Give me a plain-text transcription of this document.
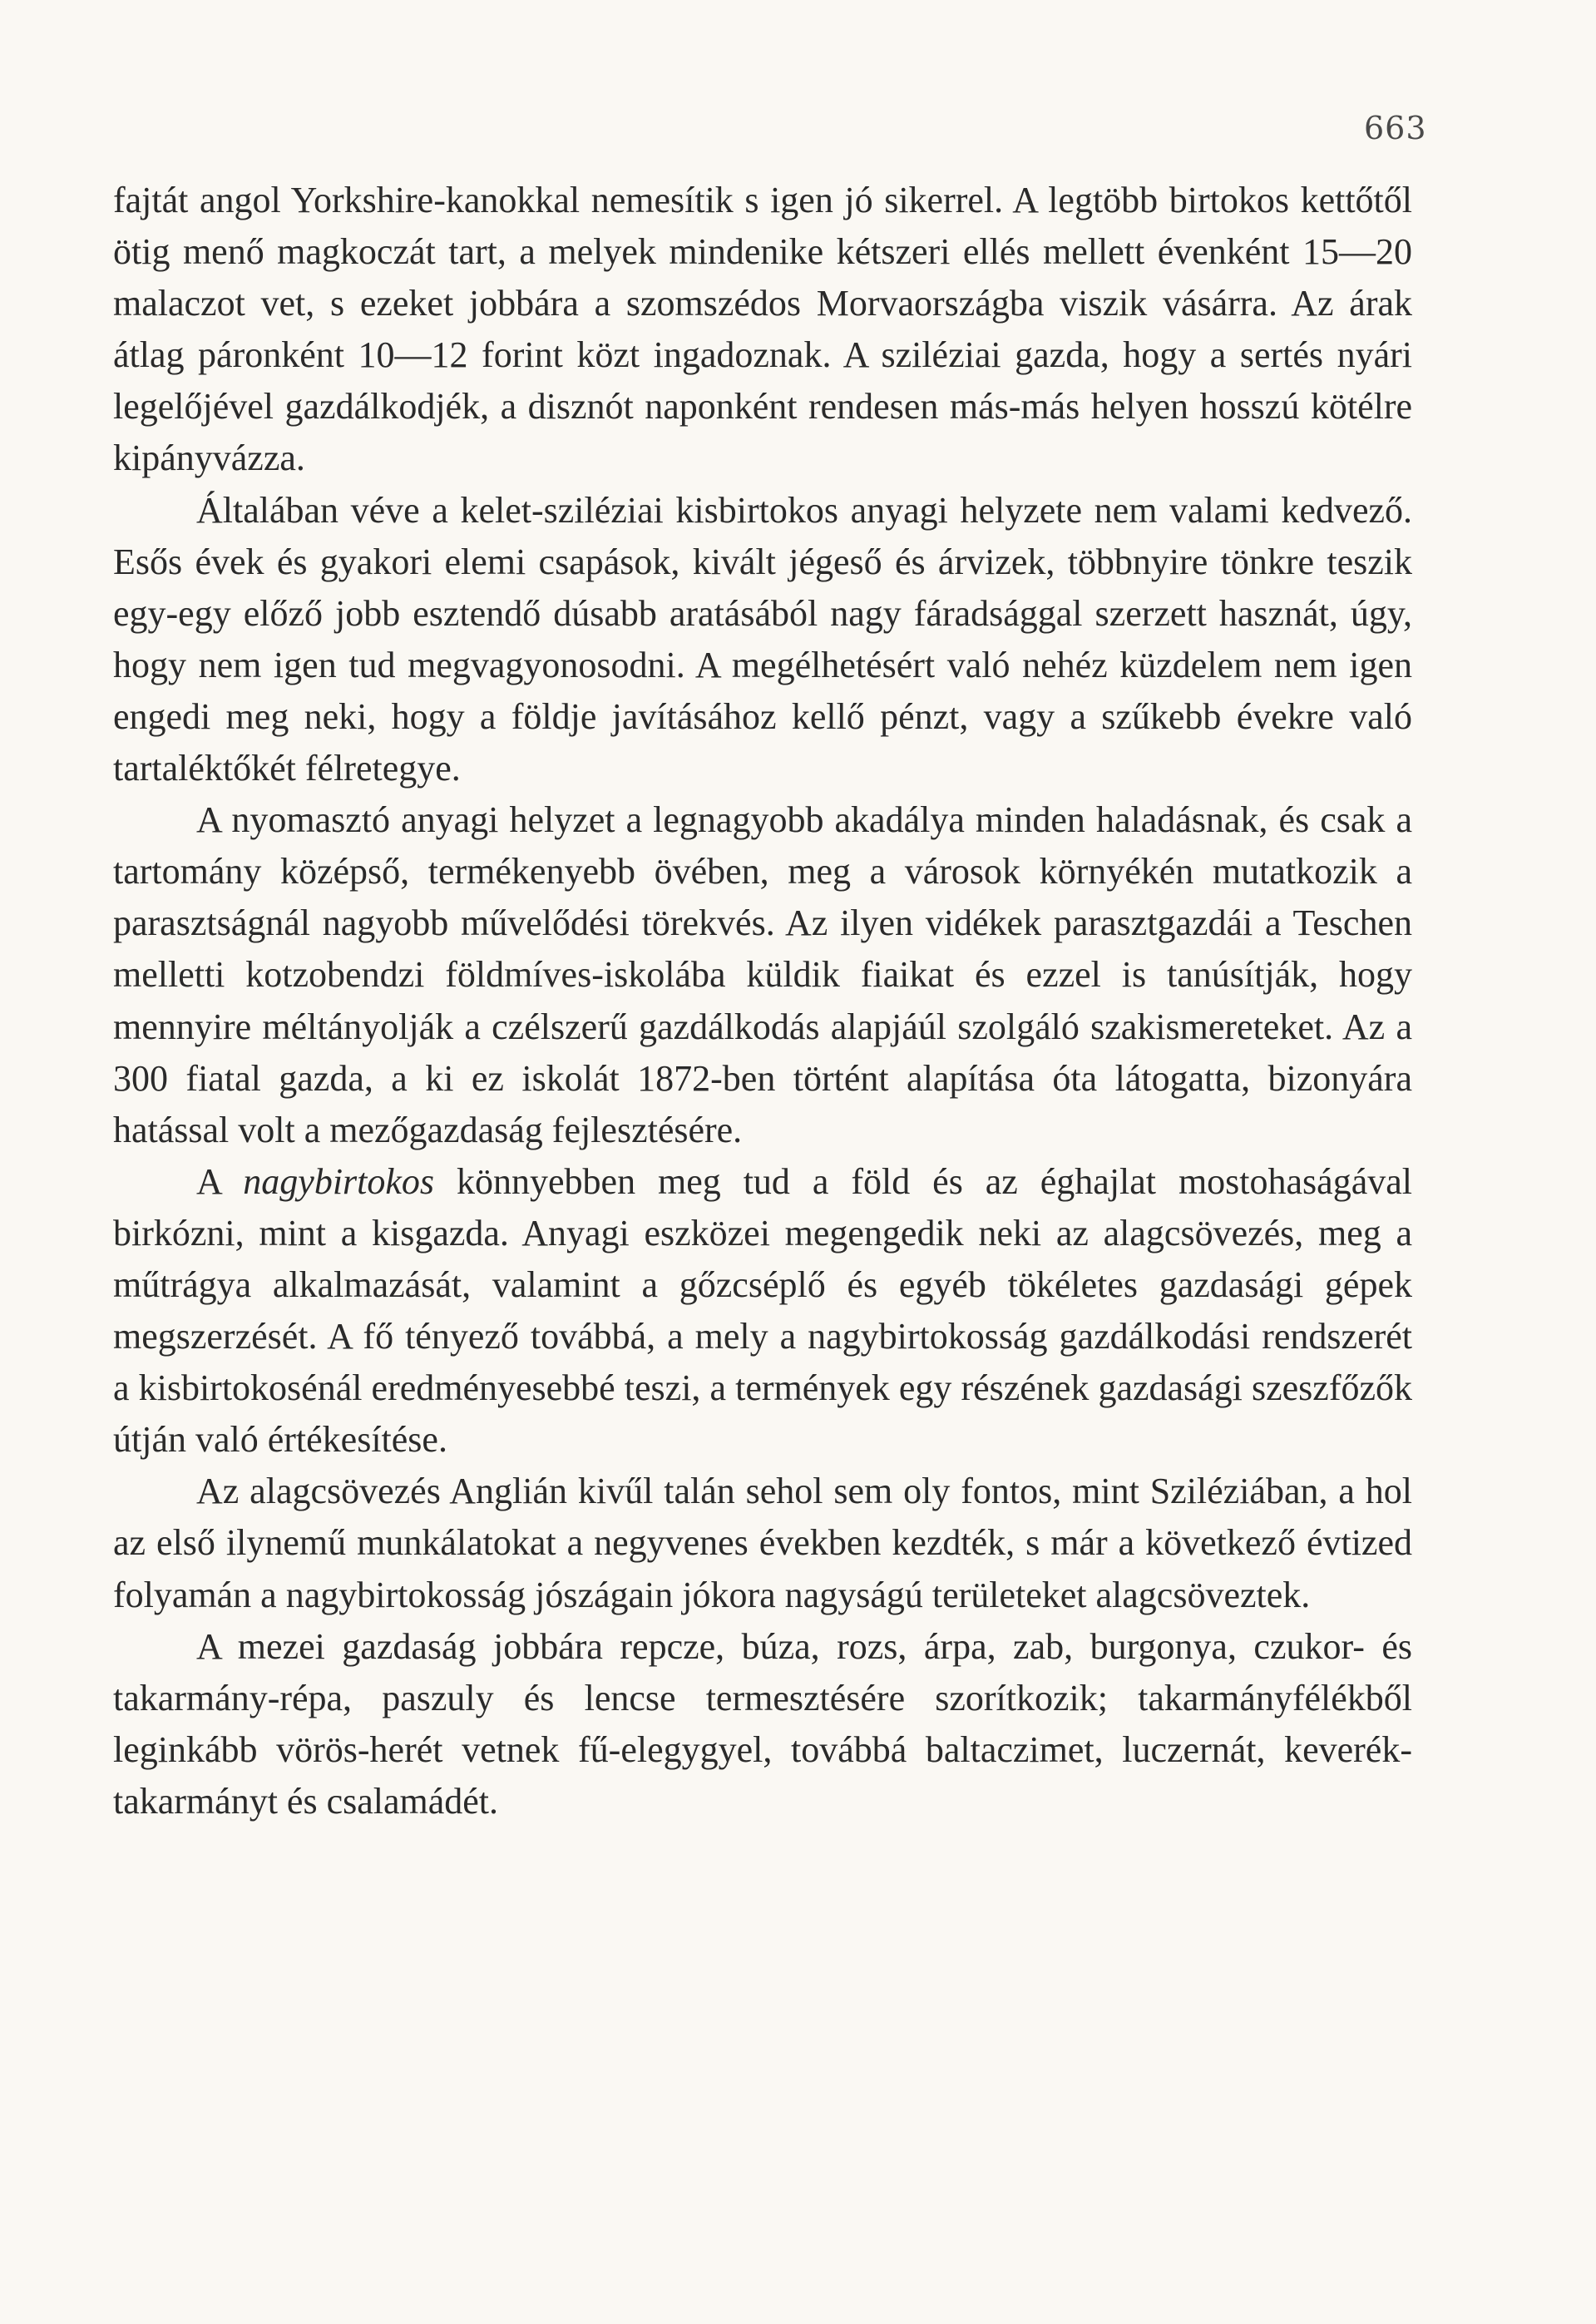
663

fajtát angol Yorkshire-kanokkal nemesítik s igen jó sikerrel. A legtöbb birtokos kettőtől ötig menő magkoczát tart, a melyek mindenike kétszeri ellés mellett évenként 15—20 malaczot vet, s ezeket jobbára a szomszédos Morvaországba viszik vásárra. Az árak átlag páronként 10—12 forint közt ingadoznak. A sziléziai gazda, hogy a sertés nyári legelőjével gazdálkodjék, a disznót naponként rendesen más-más helyen hosszú kötélre kipányvázza.

Általában véve a kelet-sziléziai kisbirtokos anyagi helyzete nem valami kedvező. Esős évek és gyakori elemi csapások, kivált jégeső és árvizek, többnyire tönkre teszik egy-egy előző jobb esztendő dúsabb aratásából nagy fáradsággal szerzett hasznát, úgy, hogy nem igen tud megvagyonosodni. A megélhetésért való nehéz küzdelem nem igen engedi meg neki, hogy a földje javításához kellő pénzt, vagy a szűkebb évekre való tartaléktőkét félretegye.

A nyomasztó anyagi helyzet a legnagyobb akadálya minden haladásnak, és csak a tartomány középső, termékenyebb övében, meg a városok környékén mutatkozik a parasztságnál nagyobb művelődési törekvés. Az ilyen vidékek parasztgazdái a Teschen melletti kotzobendzi földmíves-iskolába küldik fiaikat és ezzel is tanúsítják, hogy mennyire méltányolják a czélszerű gazdálkodás alapjáúl szolgáló szakismereteket. Az a 300 fiatal gazda, a ki ez iskolát 1872-ben történt alapítása óta látogatta, bizonyára hatással volt a mezőgazdaság fejlesztésére.

A nagybirtokos könnyebben meg tud a föld és az éghajlat mostohaságával birkózni, mint a kisgazda. Anyagi eszközei megengedik neki az alagcsövezés, meg a műtrágya alkalmazását, valamint a gőzcséplő és egyéb tökéletes gazdasági gépek megszerzését. A fő tényező továbbá, a mely a nagybirtokosság gazdálkodási rendszerét a kisbirtokosénál eredményesebbé teszi, a termények egy részének gazdasági szeszfőzők útján való értékesítése.

Az alagcsövezés Anglián kivűl talán sehol sem oly fontos, mint Sziléziában, a hol az első ilynemű munkálatokat a negyvenes években kezdték, s már a következő évtized folyamán a nagybirtokosság jószágain jókora nagyságú területeket alagcsöveztek.

A mezei gazdaság jobbára repcze, búza, rozs, árpa, zab, burgonya, czukor- és takarmány-répa, paszuly és lencse termesztésére szorítkozik; takarmányfélékből leginkább vörös-herét vetnek fű-elegygyel, továbbá baltaczimet, luczernát, keverék-takarmányt és csalamádét.
